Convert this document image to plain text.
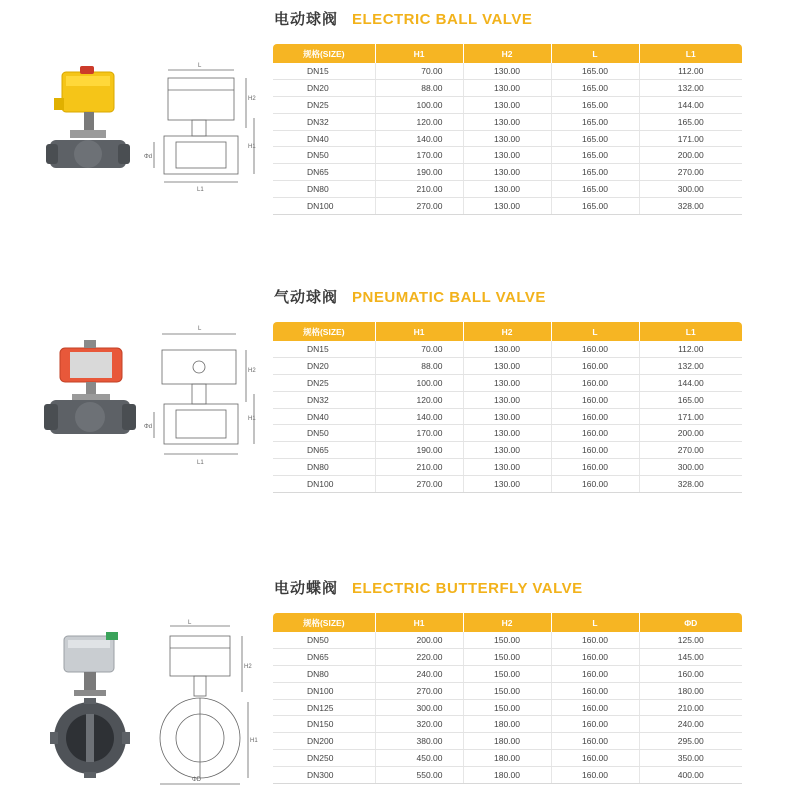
电动球阀 ELECTRIC BALL VALVE
L
H2
H1
Φd
L1
规格(SIZE)	H1	H2	L	L1
DN15	70.00	130.00	165.00	112.00
DN20	88.00	130.00	165.00	132.00
DN25	100.00	130.00	165.00	144.00
DN32	120.00	130.00	165.00	165.00
DN40	140.00	130.00	165.00	171.00
DN50	170.00	130.00	165.00	200.00
DN65	190.00	130.00	165.00	270.00
DN80	210.00	130.00	165.00	300.00
DN100	270.00	130.00	165.00	328.00
气动球阀 PNEUMATIC BALL VALVE
L
H2
H1
Φd
L1
规格(SIZE)	H1	H2	L	L1
DN15	70.00	130.00	160.00	112.00
DN20	88.00	130.00	160.00	132.00
DN25	100.00	130.00	160.00	144.00
DN32	120.00	130.00	160.00	165.00
DN40	140.00	130.00	160.00	171.00
DN50	170.00	130.00	160.00	200.00
DN65	190.00	130.00	160.00	270.00
DN80	210.00	130.00	160.00	300.00
DN100	270.00	130.00	160.00	328.00
电动蝶阀 ELECTRIC BUTTERFLY VALVE
L
H2
H1
ΦD
规格(SIZE)	H1	H2	L	ΦD
DN50	200.00	150.00	160.00	125.00
DN65	220.00	150.00	160.00	145.00
DN80	240.00	150.00	160.00	160.00
DN100	270.00	150.00	160.00	180.00
DN125	300.00	150.00	160.00	210.00
DN150	320.00	180.00	160.00	240.00
DN200	380.00	180.00	160.00	295.00
DN250	450.00	180.00	160.00	350.00
DN300	550.00	180.00	160.00	400.00
